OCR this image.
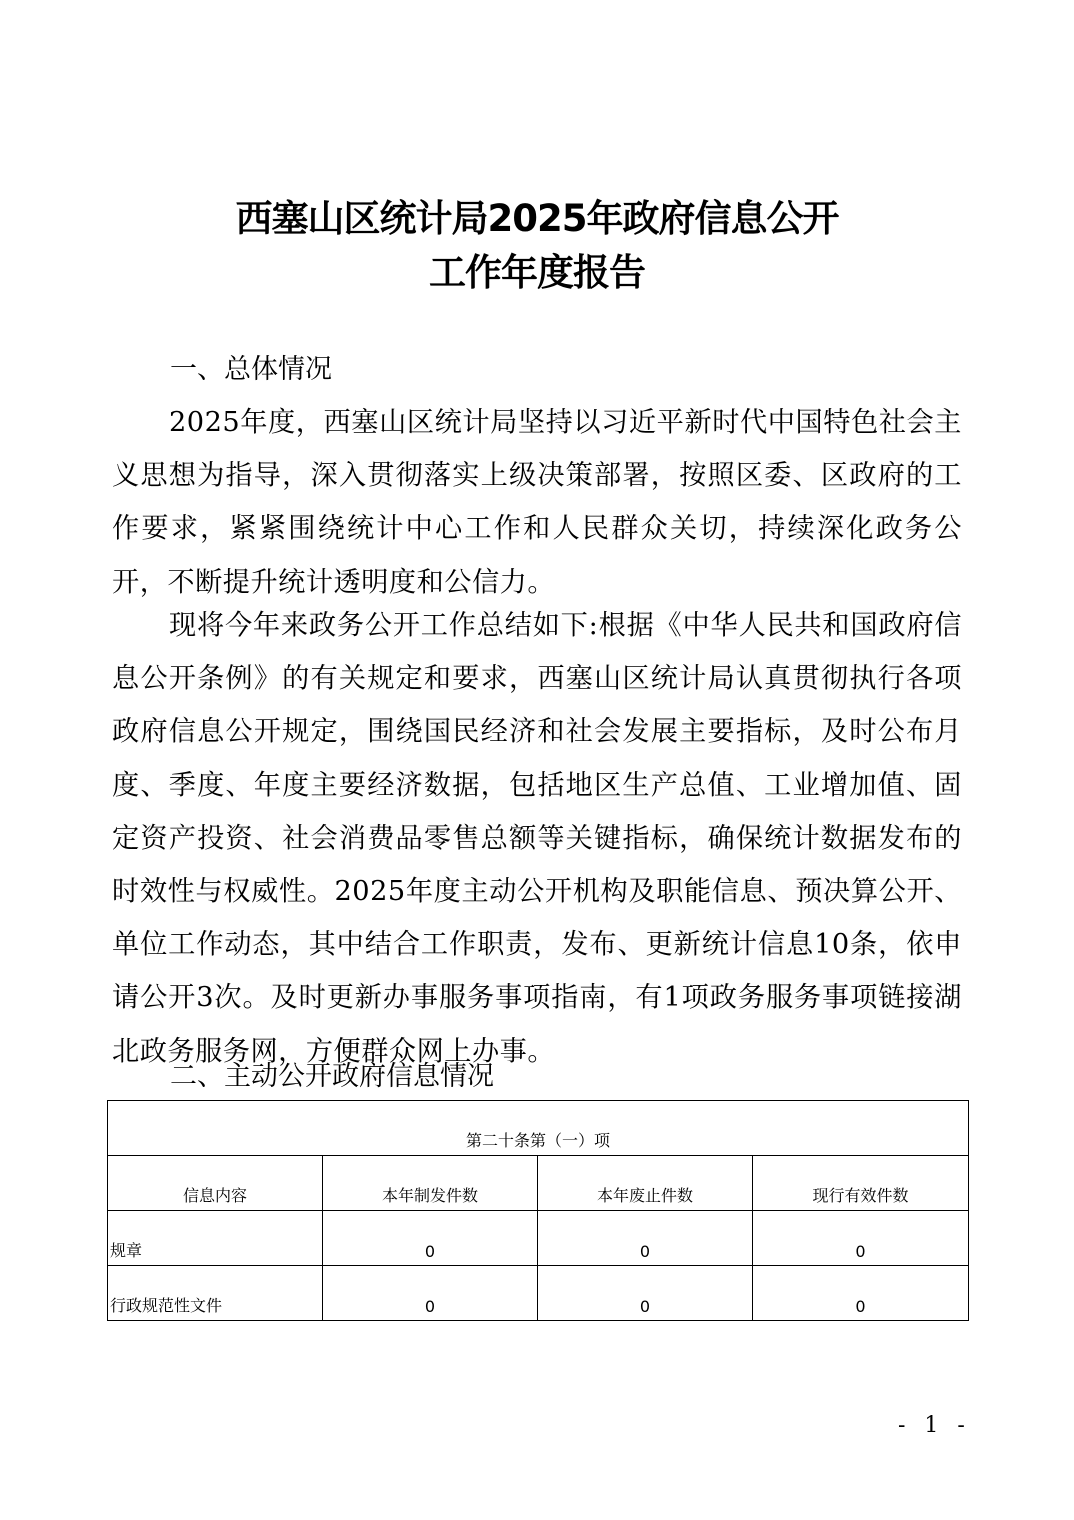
西塞山区统计局2025年政府信息公开
工作年度报告
一、总体情况
2025年度，西塞山区统计局坚持以习近平新时代中国特色社会主义思想为指导，深入贯彻落实上级决策部署，按照区委、区政府的工作要求，紧紧围绕统计中心工作和人民群众关切，持续深化政务公开，不断提升统计透明度和公信力。
现将今年来政务公开工作总结如下:根据《中华人民共和国政府信息公开条例》的有关规定和要求，西塞山区统计局认真贯彻执行各项政府信息公开规定，围绕国民经济和社会发展主要指标，及时公布月度、季度、年度主要经济数据，包括地区生产总值、工业增加值、固定资产投资、社会消费品零售总额等关键指标，确保统计数据发布的时效性与权威性。2025年度主动公开机构及职能信息、预决算公开、单位工作动态，其中结合工作职责，发布、更新统计信息10条，依申请公开3次。及时更新办事服务事项指南，有1项政务服务事项链接湖北政务服务网，方便群众网上办事。
二、主动公开政府信息情况
第二十条第（一）项			
信息内容	本年制发件数	本年废止件数	现行有效件数
规章	0	0	0
行政规范性文件	0	0	0
- 1 -
